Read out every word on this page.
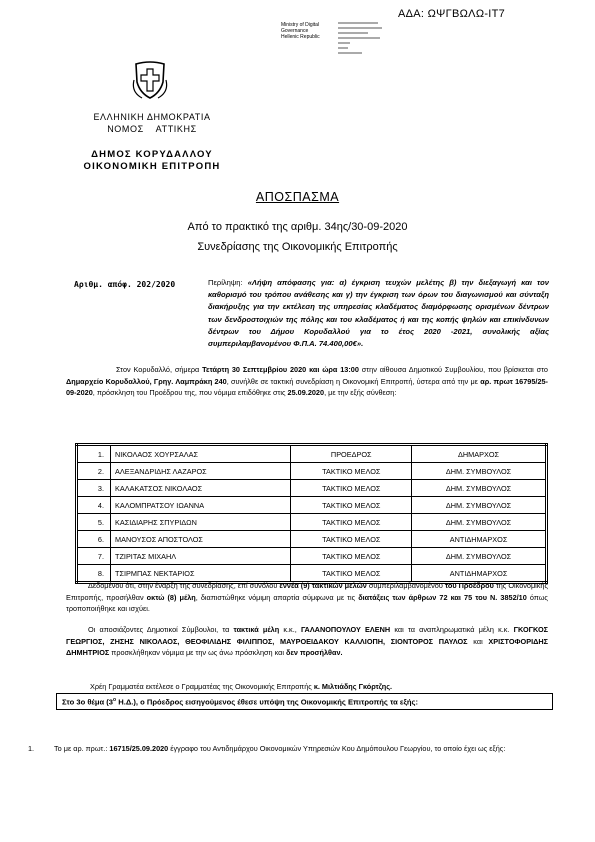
ΑΔΑ: ΩΨΓΒΩΛΩ-ΙΤ7
Ministry of Digital
Governance
Hellenic Republic
ΕΛΛΗΝΙΚΗ ΔΗΜΟΚΡΑΤΙΑ
ΝΟΜΟΣ    ΑΤΤΙΚΗΣ
ΔΗΜΟΣ ΚΟΡΥΔΑΛΛΟΥ
ΟΙΚΟΝΟΜΙΚΗ ΕΠΙΤΡΟΠΗ
ΑΠΟΣΠΑΣΜΑ
Από το πρακτικό της αριθμ. 34ης/30-09-2020
Συνεδρίασης της Οικονομικής Επιτροπής
Αριθμ. απόφ. 202/2020	Περίληψη: «Λήψη απόφασης για: α) έγκριση τευχών μελέτης β) την διεξαγωγή και τον καθορισμό του τρόπου ανάθεσης και γ) την έγκριση των όρων του διαγωνισμού και σύνταξη διακήρυξης για την εκτέλεση της υπηρεσίας κλαδέματος διαμόρφωσης ορισμένων δέντρων των δενδροστοιχιών της πόλης και του κλαδέματος ή και της κοπής ψηλών και επικίνδυνων δέντρων του Δήμου Κορυδαλλού για το έτος 2020 -2021, συνολικής αξίας συμπεριλαμβανομένου Φ.Π.Α. 74.400,00€».
Στον Κορυδαλλό, σήμερα Τετάρτη 30 Σεπτεμβρίου 2020 και ώρα 13:00 στην αίθουσα Δημοτικού Συμβουλίου, που βρίσκεται στο Δημαρχείο Κορυδαλλού, Γρηγ. Λαμπράκη 240, συνήλθε σε τακτική συνεδρίαση η Οικονομική Επιτροπή, ύστερα από την με αρ. πρωτ 16795/25-09-2020, πρόσκληση του Προέδρου της, που νόμιμα επιδόθηκε στις 25.09.2020, με την εξής σύνθεση:
1.	ΝΙΚΟΛΑΟΣ ΧΟΥΡΣΑΛΑΣ	ΠΡΟΕΔΡΟΣ	ΔΗΜΑΡΧΟΣ
2.	ΑΛΕΞΑΝΔΡΙΔΗΣ ΛΑΖΑΡΟΣ	ΤΑΚΤΙΚΟ ΜΕΛΟΣ	ΔΗΜ. ΣΥΜΒΟΥΛΟΣ
3.	ΚΑΛΑΚΑΤΣΟΣ ΝΙΚΟΛΑΟΣ	ΤΑΚΤΙΚΟ ΜΕΛΟΣ	ΔΗΜ. ΣΥΜΒΟΥΛΟΣ
4.	ΚΑΛΟΜΠΡΑΤΣΟΥ ΙΩΑΝΝΑ	ΤΑΚΤΙΚΟ ΜΕΛΟΣ	ΔΗΜ. ΣΥΜΒΟΥΛΟΣ
5.	ΚΑΣΙΔΙΑΡΗΣ ΣΠΥΡΙΔΩΝ	ΤΑΚΤΙΚΟ ΜΕΛΟΣ	ΔΗΜ. ΣΥΜΒΟΥΛΟΣ
6.	ΜΑΝΟΥΣΟΣ ΑΠΟΣΤΟΛΟΣ	ΤΑΚΤΙΚΟ ΜΕΛΟΣ	ΑΝΤΙΔΗΜΑΡΧΟΣ
7.	ΤΖΙΡΙΤΑΣ ΜΙΧΑΗΛ	ΤΑΚΤΙΚΟ ΜΕΛΟΣ	ΔΗΜ. ΣΥΜΒΟΥΛΟΣ
8.	ΤΣΙΡΜΠΑΣ ΝΕΚΤΑΡΙΟΣ	ΤΑΚΤΙΚΟ ΜΕΛΟΣ	ΑΝΤΙΔΗΜΑΡΧΟΣ
Δεδομένου ότι, στην έναρξη της συνεδρίασης, επί συνόλου εννέα (9) τακτικών μελών συμπεριλαμβανομένου του Προέδρου της Οικονομικής Επιτροπής, προσήλθαν οκτώ (8) μέλη, διαπιστώθηκε νόμιμη απαρτία σύμφωνα με τις διατάξεις των άρθρων 72 και 75 του Ν. 3852/10 όπως τροποποιήθηκε και ισχύει.
Οι αποσιάζοντες Δημοτικοί Σύμβουλοι, τα τακτικά μέλη κ.κ., ΓΑΛΑΝΟΠΟΥΛΟΥ ΕΛΕΝΗ και τα αναπληρωματικά μέλη κ.κ. ΓΚΟΓΚΟΣ ΓΕΩΡΓΙΟΣ, ΖΗΣΗΣ ΝΙΚΟΛΑΟΣ, ΘΕΟΦΙΛΙΔΗΣ ΦΙΛΙΠΠΟΣ, ΜΑΥΡΟΕΙΔΑΚΟΥ ΚΑΛΛΙΟΠΗ, ΣΙΟΝΤΟΡΟΣ ΠΑΥΛΟΣ και ΧΡΙΣΤΟΦΟΡΙΔΗΣ ΔΗΜΗΤΡΙΟΣ προσκλήθηκαν νόμιμα με την ως άνω πρόσκληση και δεν προσήλθαν.
Χρέη Γραμματέα εκτέλεσε ο Γραμματέας της Οικονομικής Επιτροπής κ. Μιλτιάδης Γκόρτζης.
Στο 3ο θέμα ($3^o$ Η.Δ.), ο Πρόεδρος εισηγούμενος έθεσε υπόψη της Οικονομικής Επιτροπής τα εξής:
1.	Το με αρ. πρωτ.: 16715/25.09.2020 έγγραφο του Αντιδημάρχου Οικονομικών Υπηρεσιών Κου Δημόπουλου Γεωργίου, το οποίο έχει ως εξής:
